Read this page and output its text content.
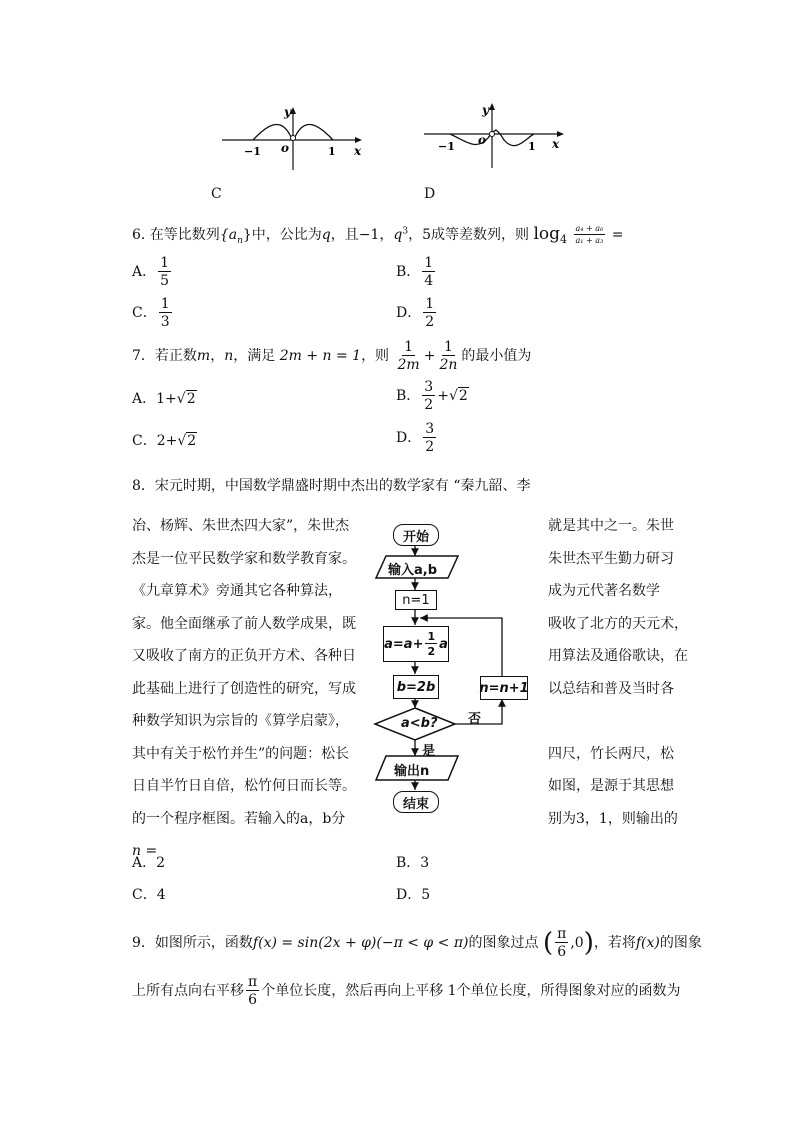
y
x
o
−1	1
C
y
x
o
−1	1
D
6. 在等比数列$\{a_n\}$中，公比为q，且−1，$q^3$，5成等差数列，则 $\log_4 \frac{\text{a₄ + a₆}}{\text{a₁ + a₃}}$ =
A． $\frac{1}{5}$	B． $\frac{1}{4}$
C． $\frac{1}{3}$	D． $\frac{1}{2}$
7．若正数m，n，满足 2m + n = 1，则 $\frac{1}{2m} + \frac{1}{2n}$ 的最小值为
A．1+√2	B． $\frac{3}{2} +√2$
C．2+√2	D． $\frac{3}{2}$
8．宋元时期，中国数学鼎盛时期中杰出的数学家有 “秦九韶、李
冶、杨辉、朱世杰四大家”，朱世杰
杰是一位平民数学家和数学教育家。
《九章算术》旁通其它各种算法，
家。他全面继承了前人数学成果，既
又吸收了南方的正负开方术、各种日
此基础上进行了创造性的研究，写成
种数学知识为宗旨的《算学启蒙》，
其中有关于松竹并生”的问题：松长
日自半竹日自倍，松竹何日而长等。
的一个程序框图。若输入的a，b分
n =
就是其中之一。朱世
朱世杰平生勤力研习
成为元代著名数学
吸收了北方的天元术，
用算法及通俗歌诀，在
以总结和普及当时各
四尺，竹长两尺，松
如图，是源于其思想
别为3，1，则输出的
开始
输入a,b
n=1
$a=a+ \frac{1}{2}$ a
b=2b
a<b?
n=n+1
否
是
输出n
结束
A．2	B．3
C．4	D．5
9．如图所示，函数f(x) = sin(2x + φ)(−π < φ < π)的图象过点 ( $\frac{\pi}{6} ,0$)，若将f(x)的图象
上所有点向右平移 $\frac{\pi}{6}$ 个单位长度，然后再向上平移 1个单位长度，所得图象对应的函数为
